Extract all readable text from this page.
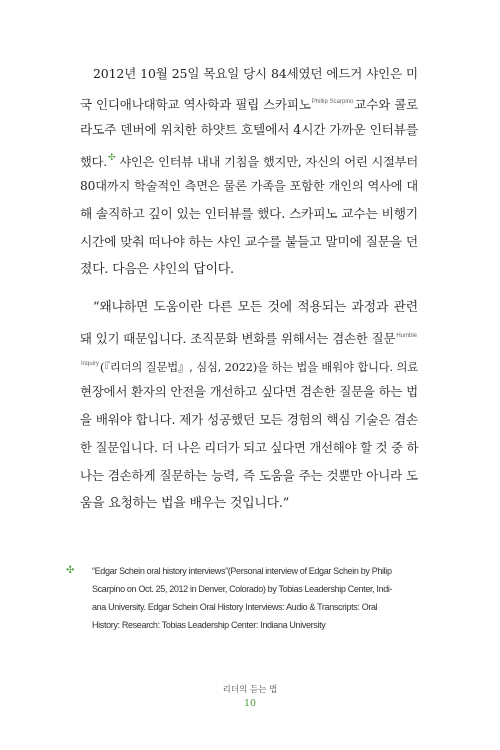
2012년 10월 25일 목요일 당시 84세였던 에드거 샤인은 미
국 인디애나대학교 역사학과 필립 스카피노$^{Phillip Scarpino}$교수와 콜로
라도주 덴버에 위치한 하얏트 호텔에서 4시간 가까운 인터뷰를
했다.✣ 샤인은 인터뷰 내내 기침을 했지만, 자신의 어린 시절부터
80대까지 학술적인 측면은 물론 가족을 포함한 개인의 역사에 대
해 솔직하고 깊이 있는 인터뷰를 했다. 스카피노 교수는 비행기
시간에 맞춰 떠나야 하는 샤인 교수를 붙들고 말미에 질문을 던
졌다. 다음은 샤인의 답이다.

“왜냐하면 도움이란 다른 모든 것에 적용되는 과정과 관련
돼 있기 때문입니다. 조직문화 변화를 위해서는 겸손한 질문$^{Humble}$
$^{Inquiry}$(『리더의 질문법』, 심심, 2022)을 하는 법을 배워야 합니다. 의료
현장에서 환자의 안전을 개선하고 싶다면 겸손한 질문을 하는 법
을 배워야 합니다. 제가 성공했던 모든 경험의 핵심 기술은 겸손
한 질문입니다. 더 나은 리더가 되고 싶다면 개선해야 할 것 중 하
나는 겸손하게 질문하는 능력, 즉 도움을 주는 것뿐만 아니라 도
움을 요청하는 법을 배우는 것입니다.”

✣	“Edgar Schein oral history interviews”(Personal interview of Edgar Schein by Philip
Scarpino on Oct. 25, 2012 in Denver, Colorado) by Tobias Leadership Center, Indi-
ana University. Edgar Schein Oral History Interviews: Audio & Transcripts: Oral
History: Research: Tobias Leadership Center: Indiana University
리더의 듣는 법
10
